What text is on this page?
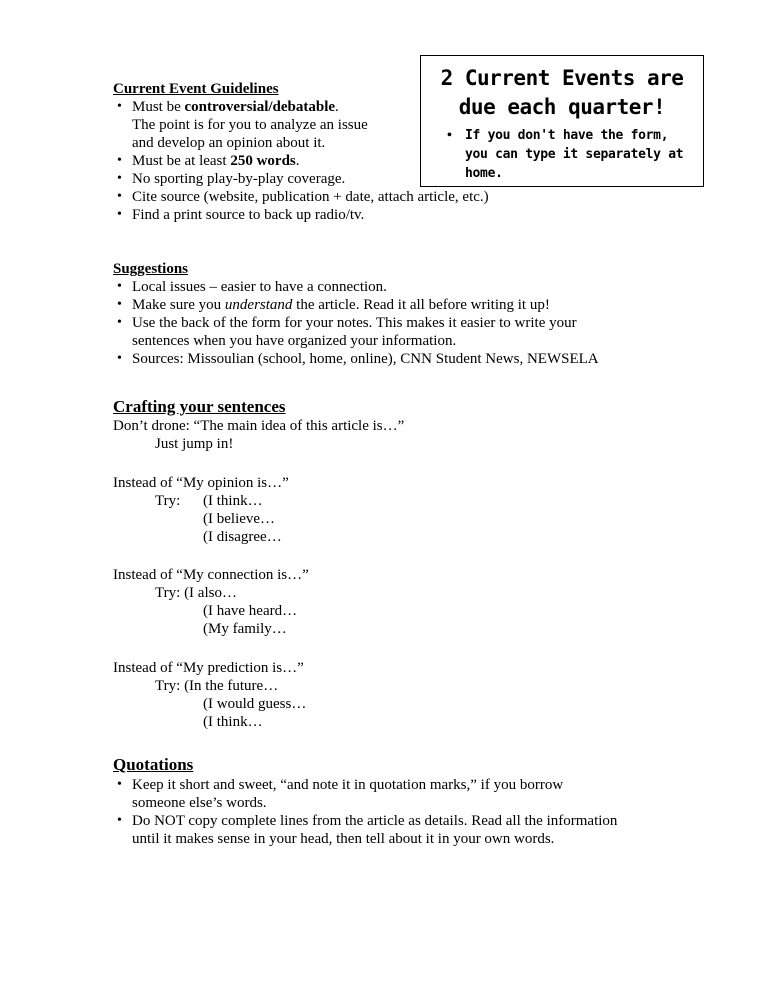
2 Current Events are due each quarter!
• If you don't have the form, you can type it separately at home.
Current Event Guidelines
• Must be controversial/debatable.
The point is for you to analyze an issue
and develop an opinion about it.
• Must be at least 250 words.
• No sporting play-by-play coverage.
• Cite source (website, publication + date, attach article, etc.)
• Find a print source to back up radio/tv.
Suggestions
• Local issues – easier to have a connection.
• Make sure you understand the article. Read it all before writing it up!
• Use the back of the form for your notes. This makes it easier to write your
sentences when you have organized your information.
• Sources: Missoulian (school, home, online), CNN Student News, NEWSELA
Crafting your sentences

Don’t drone: “The main idea of this article is…”

Just jump in!

Instead of “My opinion is…”

Try: (I think…

(I believe…

(I disagree…

Instead of “My connection is…”

Try: (I also…

(I have heard…

(My family…

Instead of “My prediction is…”

Try: (In the future…

(I would guess…

(I think…

Quotations
• Keep it short and sweet, “and note it in quotation marks,” if you borrow
someone else’s words.
• Do NOT copy complete lines from the article as details. Read all the information
until it makes sense in your head, then tell about it in your own words.
